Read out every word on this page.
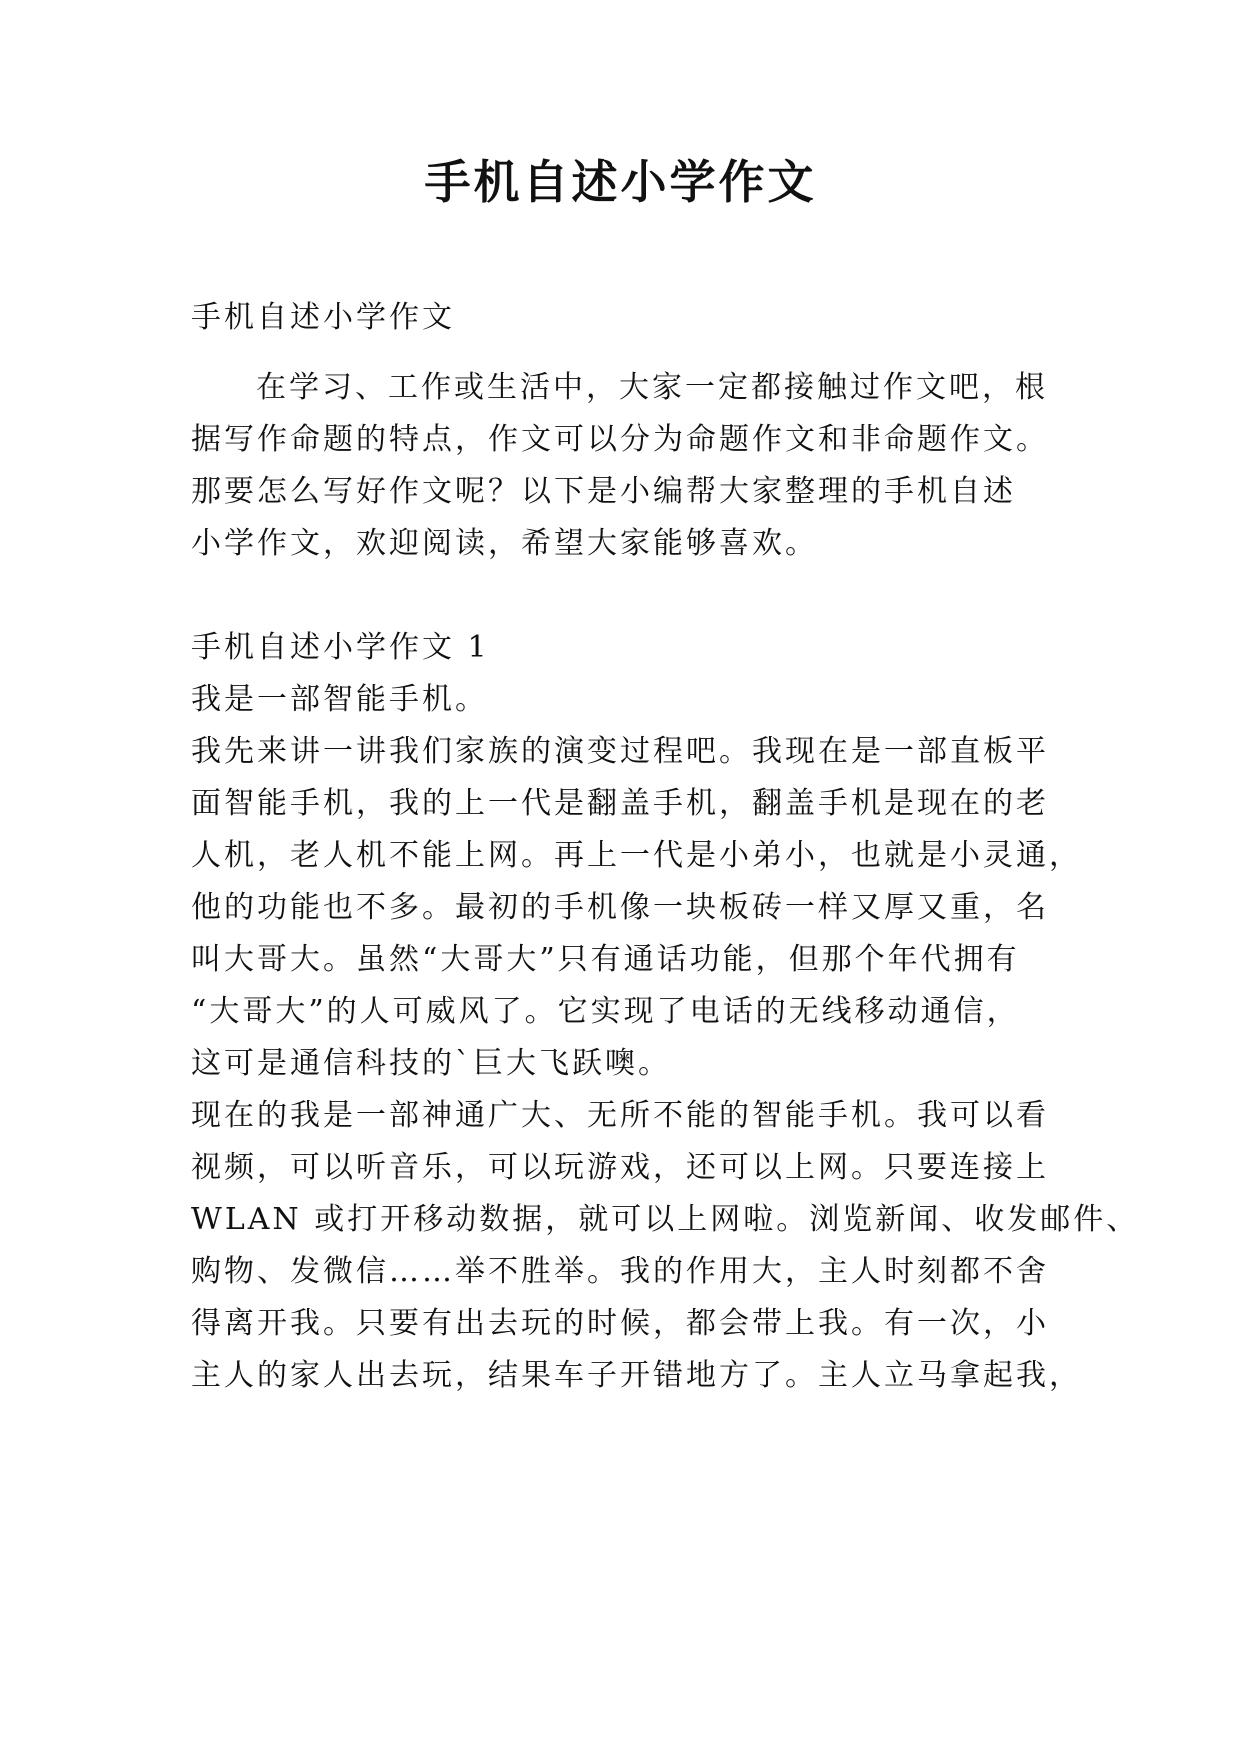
手机自述小学作文
手机自述小学作文
在学习、工作或生活中，大家一定都接触过作文吧，根
据写作命题的特点，作文可以分为命题作文和非命题作文。
那要怎么写好作文呢？以下是小编帮大家整理的手机自述
小学作文，欢迎阅读，希望大家能够喜欢。
手机自述小学作文 1
我是一部智能手机。
我先来讲一讲我们家族的演变过程吧。我现在是一部直板平
面智能手机，我的上一代是翻盖手机，翻盖手机是现在的老
人机，老人机不能上网。再上一代是小弟小，也就是小灵通，
他的功能也不多。最初的手机像一块板砖一样又厚又重，名
叫大哥大。虽然“大哥大”只有通话功能，但那个年代拥有
“大哥大”的人可威风了。它实现了电话的无线移动通信，
这可是通信科技的`巨大飞跃噢。
现在的我是一部神通广大、无所不能的智能手机。我可以看
视频，可以听音乐，可以玩游戏，还可以上网。只要连接上
WLAN 或打开移动数据，就可以上网啦。浏览新闻、收发邮件、
购物、发微信……举不胜举。我的作用大，主人时刻都不舍
得离开我。只要有出去玩的时候，都会带上我。有一次，小
主人的家人出去玩，结果车子开错地方了。主人立马拿起我，
